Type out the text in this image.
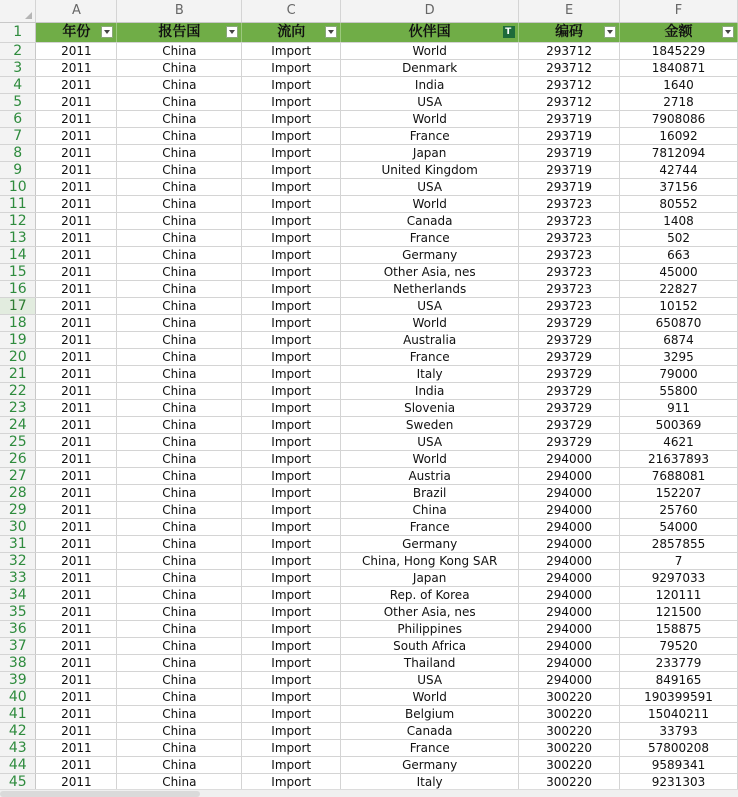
	A	B	C	D	E	F
1	年份	报告国	流向	伙伴国 T	编码	金额

2	2011	China	Import	World	293712	1845229
3	2011	China	Import	Denmark	293712	1840871
4	2011	China	Import	India	293712	1640
5	2011	China	Import	USA	293712	2718
6	2011	China	Import	World	293719	7908086
7	2011	China	Import	France	293719	16092
8	2011	China	Import	Japan	293719	7812094
9	2011	China	Import	United Kingdom	293719	42744
10	2011	China	Import	USA	293719	37156
11	2011	China	Import	World	293723	80552
12	2011	China	Import	Canada	293723	1408
13	2011	China	Import	France	293723	502
14	2011	China	Import	Germany	293723	663
15	2011	China	Import	Other Asia, nes	293723	45000
16	2011	China	Import	Netherlands	293723	22827
17	2011	China	Import	USA	293723	10152
18	2011	China	Import	World	293729	650870
19	2011	China	Import	Australia	293729	6874
20	2011	China	Import	France	293729	3295
21	2011	China	Import	Italy	293729	79000
22	2011	China	Import	India	293729	55800
23	2011	China	Import	Slovenia	293729	911
24	2011	China	Import	Sweden	293729	500369
25	2011	China	Import	USA	293729	4621
26	2011	China	Import	World	294000	21637893
27	2011	China	Import	Austria	294000	7688081
28	2011	China	Import	Brazil	294000	152207
29	2011	China	Import	China	294000	25760
30	2011	China	Import	France	294000	54000
31	2011	China	Import	Germany	294000	2857855
32	2011	China	Import	China, Hong Kong SAR	294000	7
33	2011	China	Import	Japan	294000	9297033
34	2011	China	Import	Rep. of Korea	294000	120111
35	2011	China	Import	Other Asia, nes	294000	121500
36	2011	China	Import	Philippines	294000	158875
37	2011	China	Import	South Africa	294000	79520
38	2011	China	Import	Thailand	294000	233779
39	2011	China	Import	USA	294000	849165
40	2011	China	Import	World	300220	190399591
41	2011	China	Import	Belgium	300220	15040211
42	2011	China	Import	Canada	300220	33793
43	2011	China	Import	France	300220	57800208
44	2011	China	Import	Germany	300220	9589341
45	2011	China	Import	Italy	300220	9231303
